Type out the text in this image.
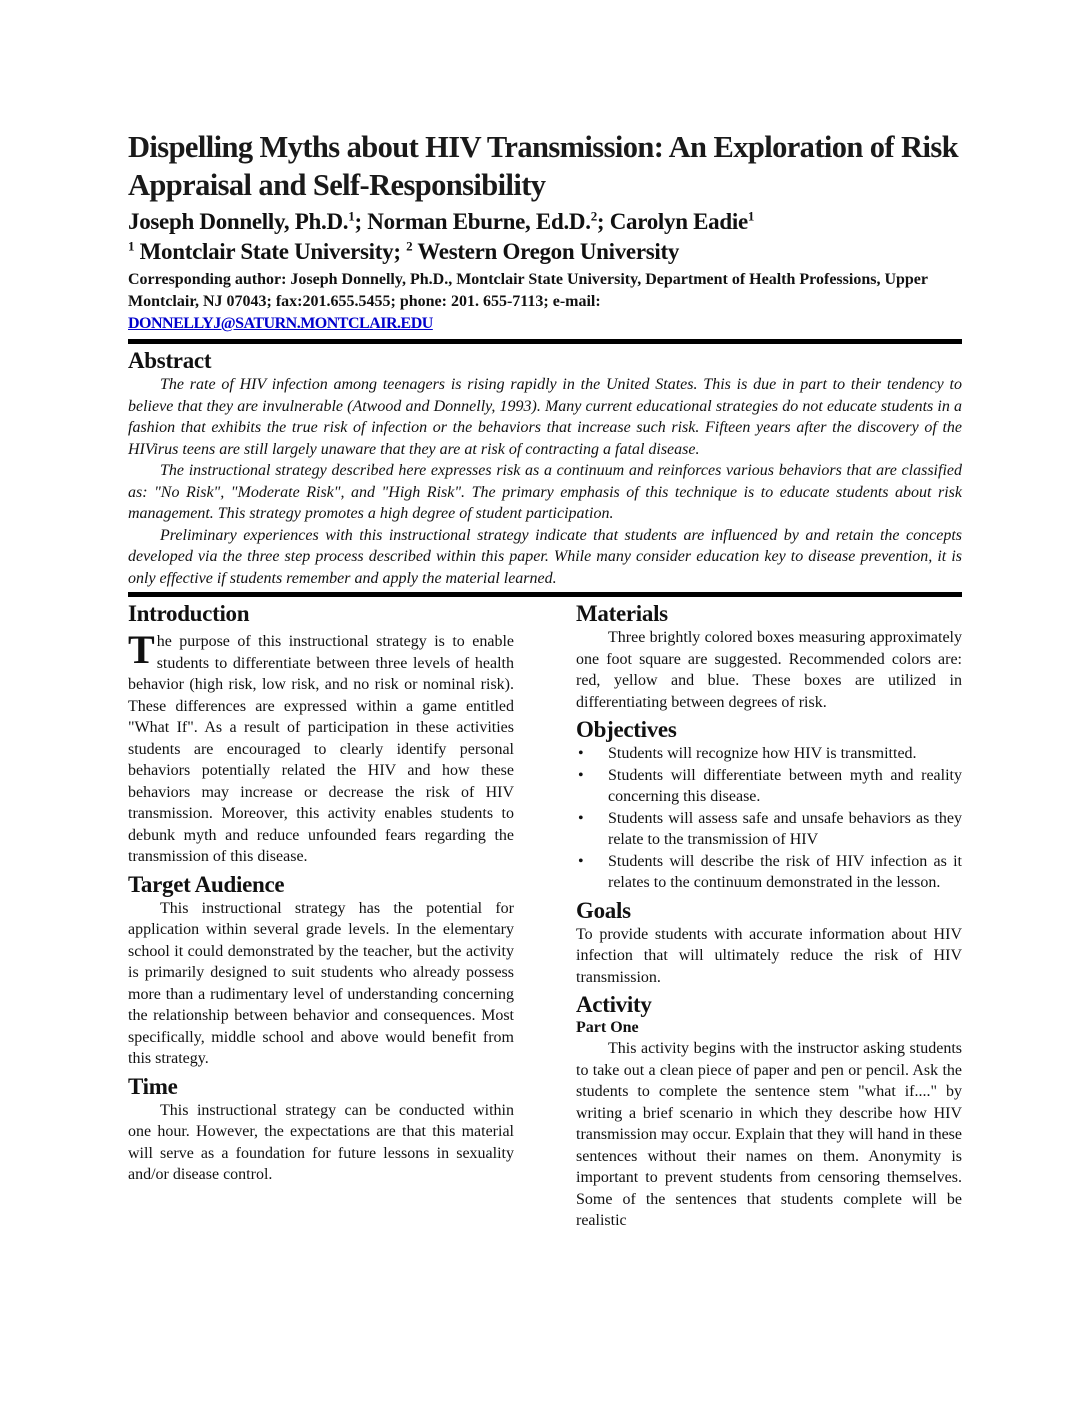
Dispelling Myths about HIV Transmission: An Exploration of Risk Appraisal and Self-Responsibility
Joseph Donnelly, Ph.D.$^1$; Norman Eburne, Ed.D.$^2$; Carolyn Eadie$^1$
$^1$ Montclair State University; $^2$ Western Oregon University
Corresponding author: Joseph Donnelly, Ph.D., Montclair State University, Department of Health Professions, Upper Montclair, NJ 07043; fax:201.655.5455; phone: 201. 655-7113; e-mail:
DONNELLYJ@SATURN.MONTCLAIR.EDU
Abstract

The rate of HIV infection among teenagers is rising rapidly in the United States. This is due in part to their tendency to believe that they are invulnerable (Atwood and Donnelly, 1993). Many current educational strategies do not educate students in a fashion that exhibits the true risk of infection or the behaviors that increase such risk. Fifteen years after the discovery of the HIVirus teens are still largely unaware that they are at risk of contracting a fatal disease.

The instructional strategy described here expresses risk as a continuum and reinforces various behaviors that are classified as: "No Risk", "Moderate Risk", and "High Risk". The primary emphasis of this technique is to educate students about risk management. This strategy promotes a high degree of student participation.

Preliminary experiences with this instructional strategy indicate that students are influenced by and retain the concepts developed via the three step process described within this paper. While many consider education key to disease prevention, it is only effective if students remember and apply the material learned.

Introduction

The purpose of this instructional strategy is to enable students to differentiate between three levels of health behavior (high risk, low risk, and no risk or nominal risk). These differences are expressed within a game entitled "What If". As a result of participation in these activities students are encouraged to clearly identify personal behaviors potentially related the HIV and how these behaviors may increase or decrease the risk of HIV transmission. Moreover, this activity enables students to debunk myth and reduce unfounded fears regarding the transmission of this disease.

Target Audience

This instructional strategy has the potential for application within several grade levels. In the elementary school it could demonstrated by the teacher, but the activity is primarily designed to suit students who already possess more than a rudimentary level of understanding concerning the relationship between behavior and consequences. Most specifically, middle school and above would benefit from this strategy.

Time

This instructional strategy can be conducted within one hour. However, the expectations are that this material will serve as a foundation for future lessons in sexuality and/or disease control.

Materials

Three brightly colored boxes measuring approximately one foot square are suggested. Recommended colors are: red, yellow and blue. These boxes are utilized in differentiating between degrees of risk.

Objectives
• Students will recognize how HIV is transmitted.
• Students will differentiate between myth and reality concerning this disease.
• Students will assess safe and unsafe behaviors as they relate to the transmission of HIV
• Students will describe the risk of HIV infection as it relates to the continuum demonstrated in the lesson.
Goals

To provide students with accurate information about HIV infection that will ultimately reduce the risk of HIV transmission.

Activity
Part One

This activity begins with the instructor asking students to take out a clean piece of paper and pen or pencil. Ask the students to complete the sentence stem "what if...." by writing a brief scenario in which they describe how HIV transmission may occur. Explain that they will hand in these sentences without their names on them. Anonymity is important to prevent students from censoring themselves. Some of the sentences that students complete will be realistic
